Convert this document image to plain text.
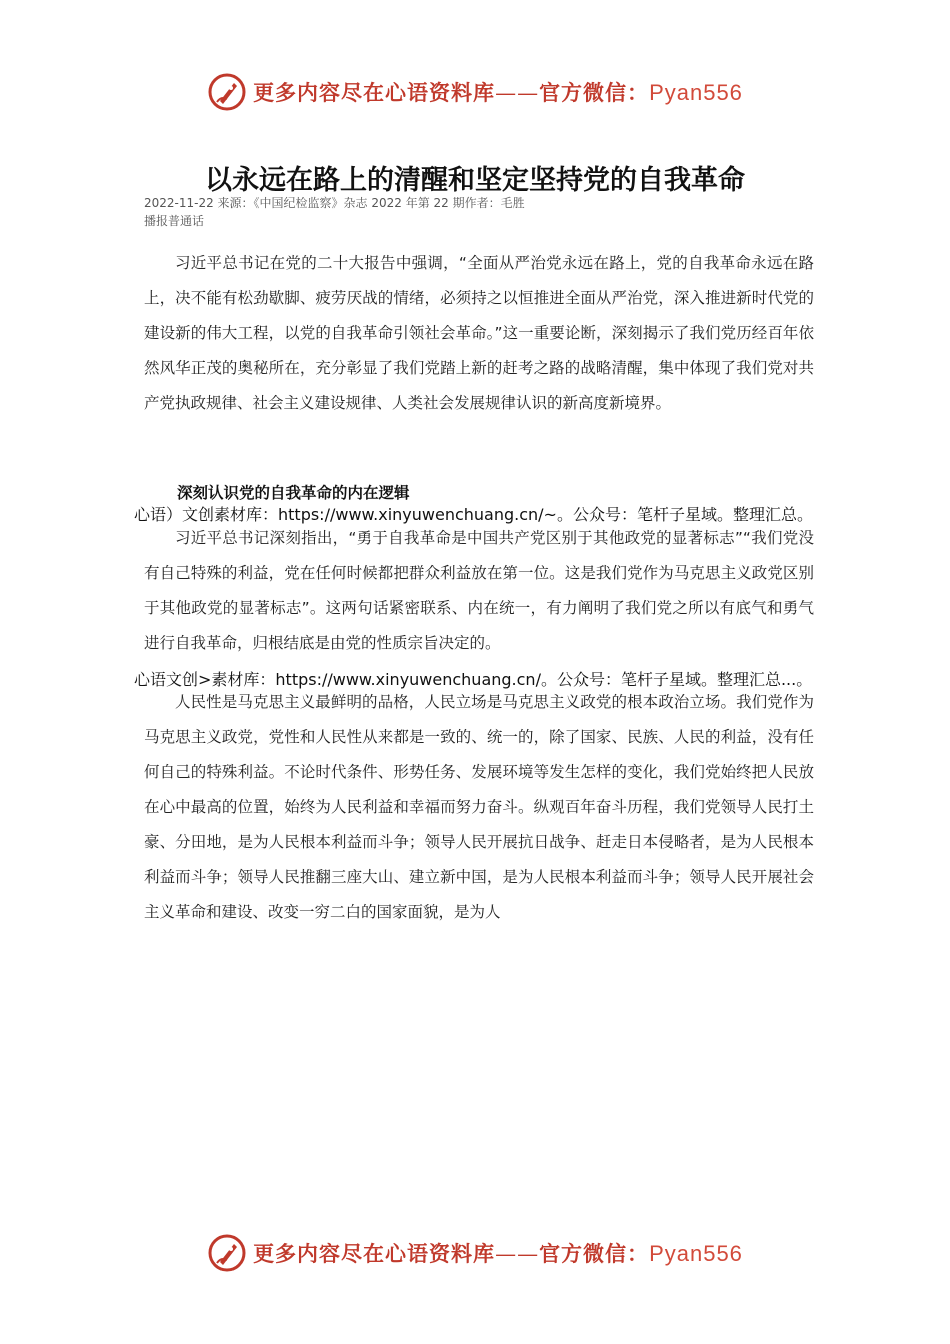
更多内容尽在心语资料库——官方微信：Pyan556
以永远在路上的清醒和坚定坚持党的自我革命
2022-11-22 来源：《中国纪检监察》杂志 2022 年第 22 期作者：毛胜
播报普通话

习近平总书记在党的二十大报告中强调，“全面从严治党永远在路上，党的自我革命永远在路上，决不能有松劲歇脚、疲劳厌战的情绪，必须持之以恒推进全面从严治党，深入推进新时代党的建设新的伟大工程，以党的自我革命引领社会革命。”这一重要论断，深刻揭示了我们党历经百年依然风华正茂的奥秘所在，充分彰显了我们党踏上新的赶考之路的战略清醒，集中体现了我们党对共产党执政规律、社会主义建设规律、人类社会发展规律认识的新高度新境界。

深刻认识党的自我革命的内在逻辑
心语）文创素材库：https://www.xinyuwenchuang.cn/~。公众号：笔杆子星域。整理汇总。

习近平总书记深刻指出，“勇于自我革命是中国共产党区别于其他政党的显著标志”“我们党没有自己特殊的利益，党在任何时候都把群众利益放在第一位。这是我们党作为马克思主义政党区别于其他政党的显著标志”。这两句话紧密联系、内在统一，有力阐明了我们党之所以有底气和勇气进行自我革命，归根结底是由党的性质宗旨决定的。

心语文创>素材库：https://www.xinyuwenchuang.cn/。公众号：笔杆子星域。整理汇总...。

人民性是马克思主义最鲜明的品格，人民立场是马克思主义政党的根本政治立场。我们党作为马克思主义政党，党性和人民性从来都是一致的、统一的，除了国家、民族、人民的利益，没有任何自己的特殊利益。不论时代条件、形势任务、发展环境等发生怎样的变化，我们党始终把人民放在心中最高的位置，始终为人民利益和幸福而努力奋斗。纵观百年奋斗历程，我们党领导人民打土豪、分田地，是为人民根本利益而斗争；领导人民开展抗日战争、赶走日本侵略者，是为人民根本利益而斗争；领导人民推翻三座大山、建立新中国，是为人民根本利益而斗争；领导人民开展社会主义革命和建设、改变一穷二白的国家面貌，是为人

更多内容尽在心语资料库——官方微信：Pyan556
